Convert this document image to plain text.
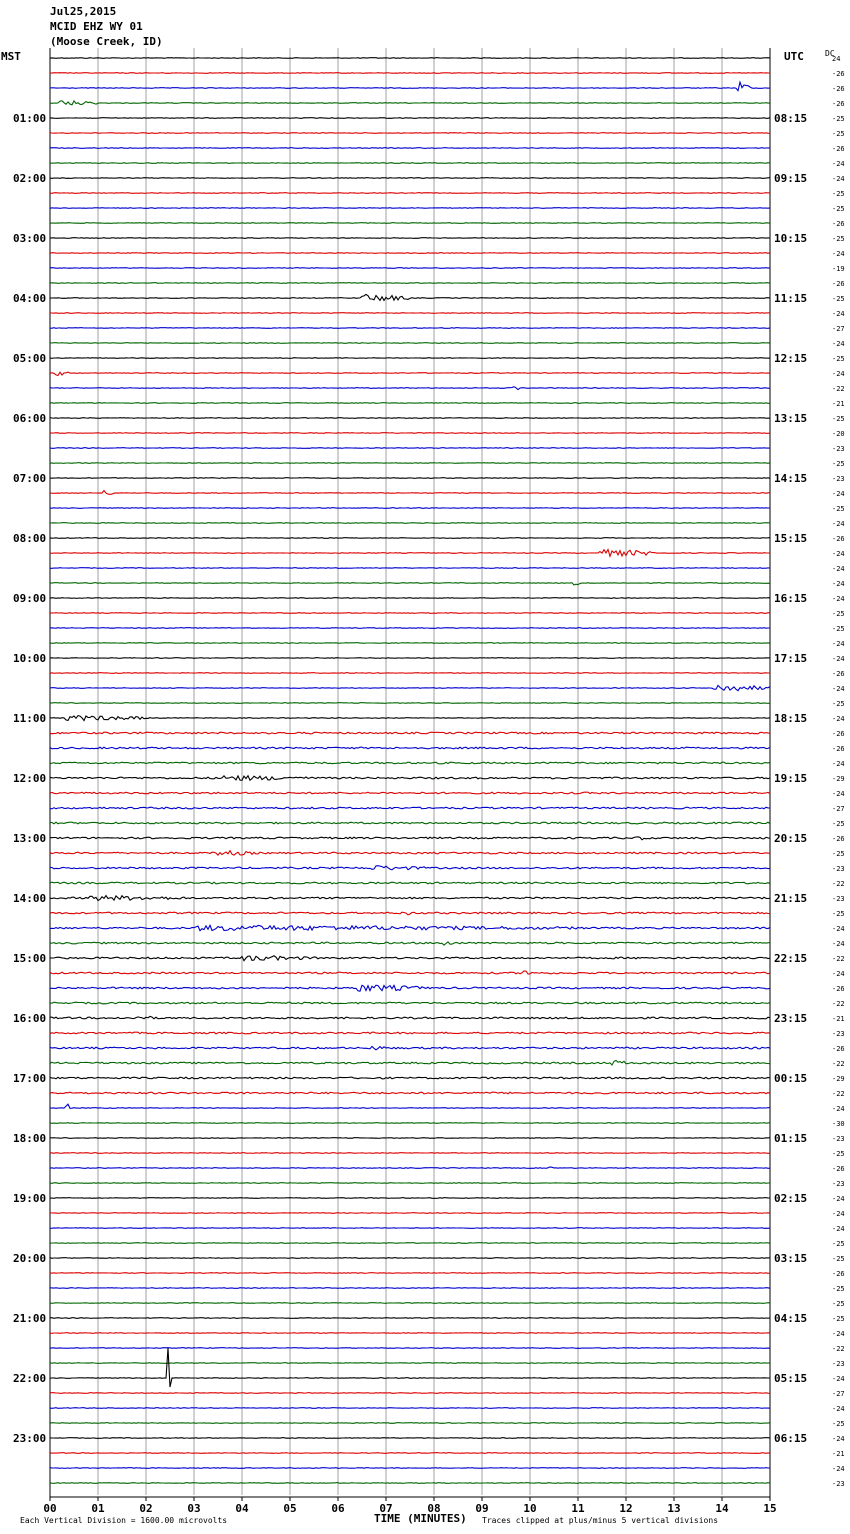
Jul25,2015
MCID EHZ WY 01
(Moose Creek, ID)
MST	UTC	DC
00	01	02	03	04	05	06	07	08	09	10	11	12	13	14	15
24
-26
-26
-26
-25
01:00	08:15
-25
-26
-24
-24
02:00	09:15
-25
-25
-26
-25
03:00	10:15
-24
-19
-26
-25
04:00	11:15
-24
-27
-24
-25
05:00	12:15
-24
-22
-21
-25
06:00	13:15
-20
-23
-25
-23
07:00	14:15
-24
-25
-24
-26
08:00	15:15
-24
-24
-24
-24
09:00	16:15
-25
-25
-24
-24
10:00	17:15
-26
-24
-25
-24
11:00	18:15
-26
-26
-24
-29
12:00	19:15
-24
-27
-25
-26
13:00	20:15
-25
-23
-22
-23
14:00	21:15
-25
-24
-24
-22
15:00	22:15
-24
-26
-22
-21
16:00	23:15
-23
-26
-22
-29
17:00	00:15
-22
-24
-30
-23
18:00	01:15
-25
-26
-23
-24
19:00	02:15
-24
-24
-25
-25
20:00	03:15
-26
-25
-25
-25
21:00	04:15
-24
-22
-23
-24
22:00	05:15
-27
-24
-25
-24
23:00	06:15
-21
-24
-23
Each Vertical Division = 1600.00 microvolts	TIME (MINUTES) Traces clipped at plus/minus 5 vertical divisions
